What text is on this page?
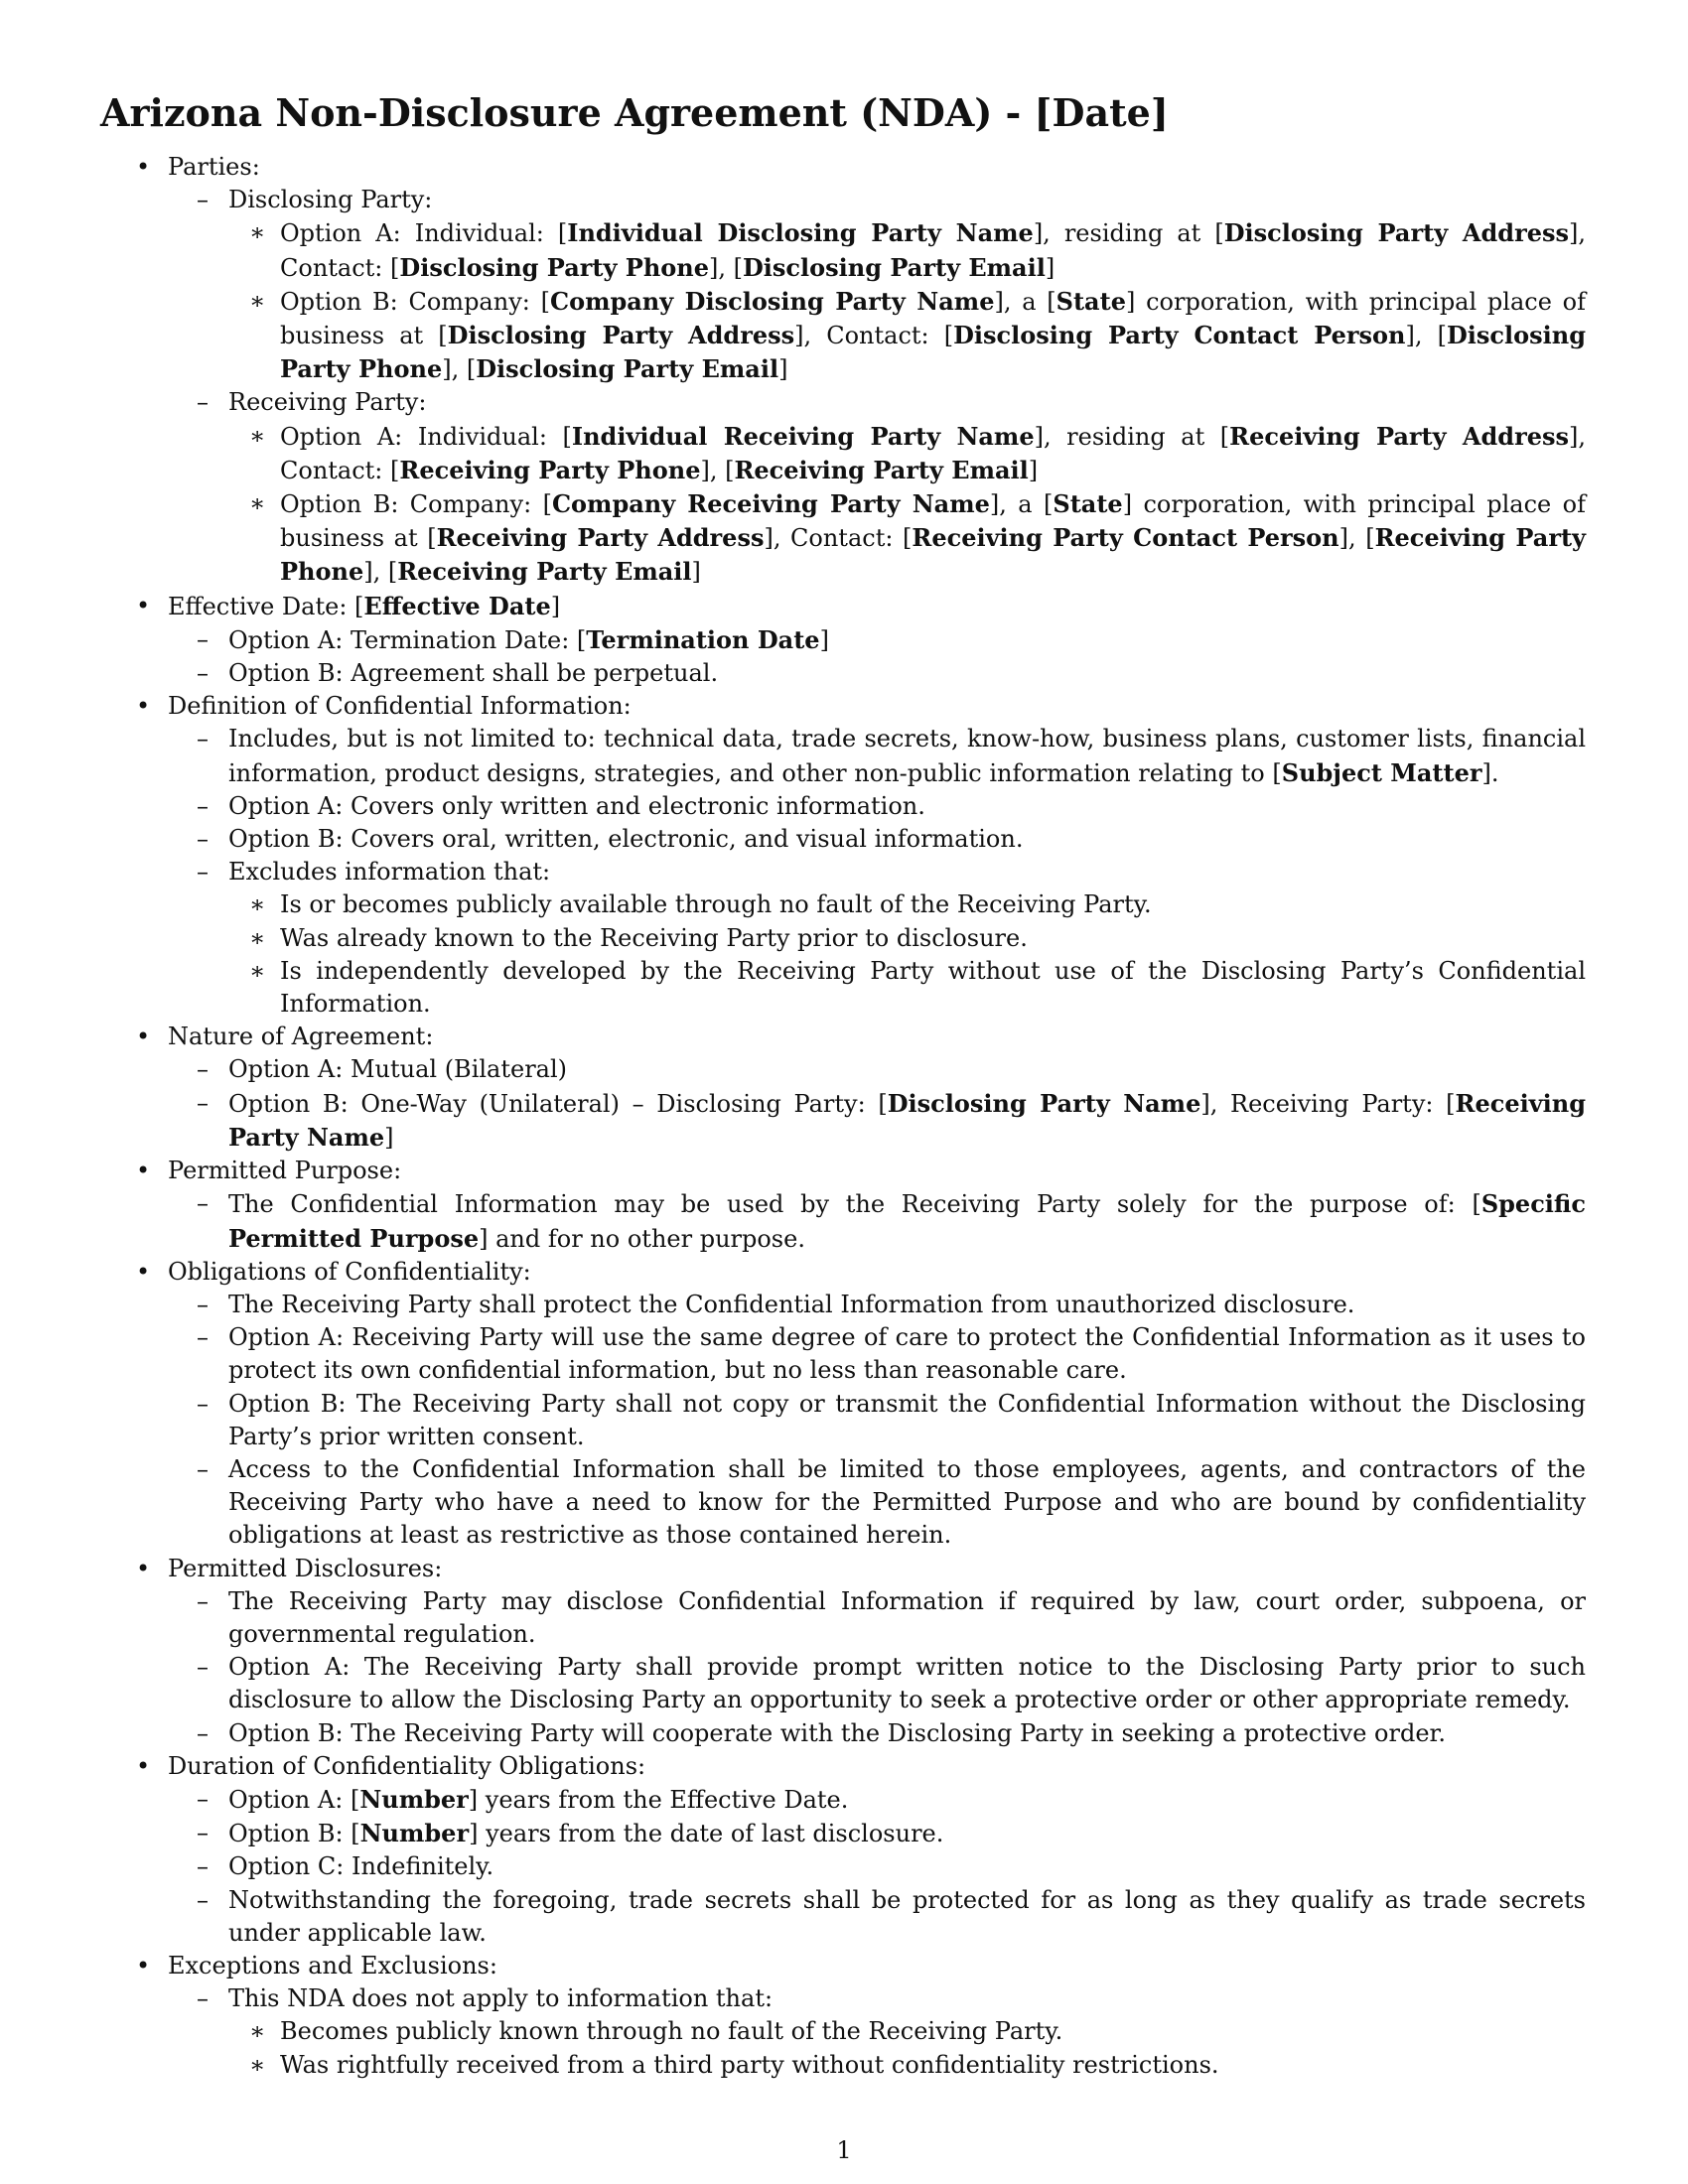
Arizona Non-Disclosure Agreement (NDA) - [Date]
• Parties:
– Disclosing Party:
∗ Option A: Individual: [Individual Disclosing Party Name], residing at [Disclosing Party Address], Contact: [Disclosing Party Phone], [Disclosing Party Email]
∗ Option B: Company: [Company Disclosing Party Name], a [State] corporation, with principal place of business at [Disclosing Party Address], Contact: [Disclosing Party Contact Person], [Disclosing Party Phone], [Disclosing Party Email]
– Receiving Party:
∗ Option A: Individual: [Individual Receiving Party Name], residing at [Receiving Party Address], Contact: [Receiving Party Phone], [Receiving Party Email]
∗ Option B: Company: [Company Receiving Party Name], a [State] corporation, with principal place of business at [Receiving Party Address], Contact: [Receiving Party Contact Person], [Receiving Party Phone], [Receiving Party Email]
• Effective Date: [Effective Date]
– Option A: Termination Date: [Termination Date]
– Option B: Agreement shall be perpetual.
• Definition of Confidential Information:
– Includes, but is not limited to: technical data, trade secrets, know-how, business plans, customer lists, financial information, product designs, strategies, and other non-public information relating to [Subject Matter].
– Option A: Covers only written and electronic information.
– Option B: Covers oral, written, electronic, and visual information.
– Excludes information that:
∗ Is or becomes publicly available through no fault of the Receiving Party.
∗ Was already known to the Receiving Party prior to disclosure.
∗ Is independently developed by the Receiving Party without use of the Disclosing Party’s Confidential Information.
• Nature of Agreement:
– Option A: Mutual (Bilateral)
– Option B: One-Way (Unilateral) – Disclosing Party: [Disclosing Party Name], Receiving Party: [Receiving Party Name]
• Permitted Purpose:
– The Confidential Information may be used by the Receiving Party solely for the purpose of: [Specific Permitted Purpose] and for no other purpose.
• Obligations of Confidentiality:
– The Receiving Party shall protect the Confidential Information from unauthorized disclosure.
– Option A: Receiving Party will use the same degree of care to protect the Confidential Information as it uses to protect its own confidential information, but no less than reasonable care.
– Option B: The Receiving Party shall not copy or transmit the Confidential Information without the Disclosing Party’s prior written consent.
– Access to the Confidential Information shall be limited to those employees, agents, and contractors of the Receiving Party who have a need to know for the Permitted Purpose and who are bound by confidentiality obligations at least as restrictive as those contained herein.
• Permitted Disclosures:
– The Receiving Party may disclose Confidential Information if required by law, court order, subpoena, or governmental regulation.
– Option A: The Receiving Party shall provide prompt written notice to the Disclosing Party prior to such disclosure to allow the Disclosing Party an opportunity to seek a protective order or other appropriate remedy.
– Option B: The Receiving Party will cooperate with the Disclosing Party in seeking a protective order.
• Duration of Confidentiality Obligations:
– Option A: [Number] years from the Effective Date.
– Option B: [Number] years from the date of last disclosure.
– Option C: Indefinitely.
– Notwithstanding the foregoing, trade secrets shall be protected for as long as they qualify as trade secrets under applicable law.
• Exceptions and Exclusions:
– This NDA does not apply to information that:
∗ Becomes publicly known through no fault of the Receiving Party.
∗ Was rightfully received from a third party without confidentiality restrictions.
1
